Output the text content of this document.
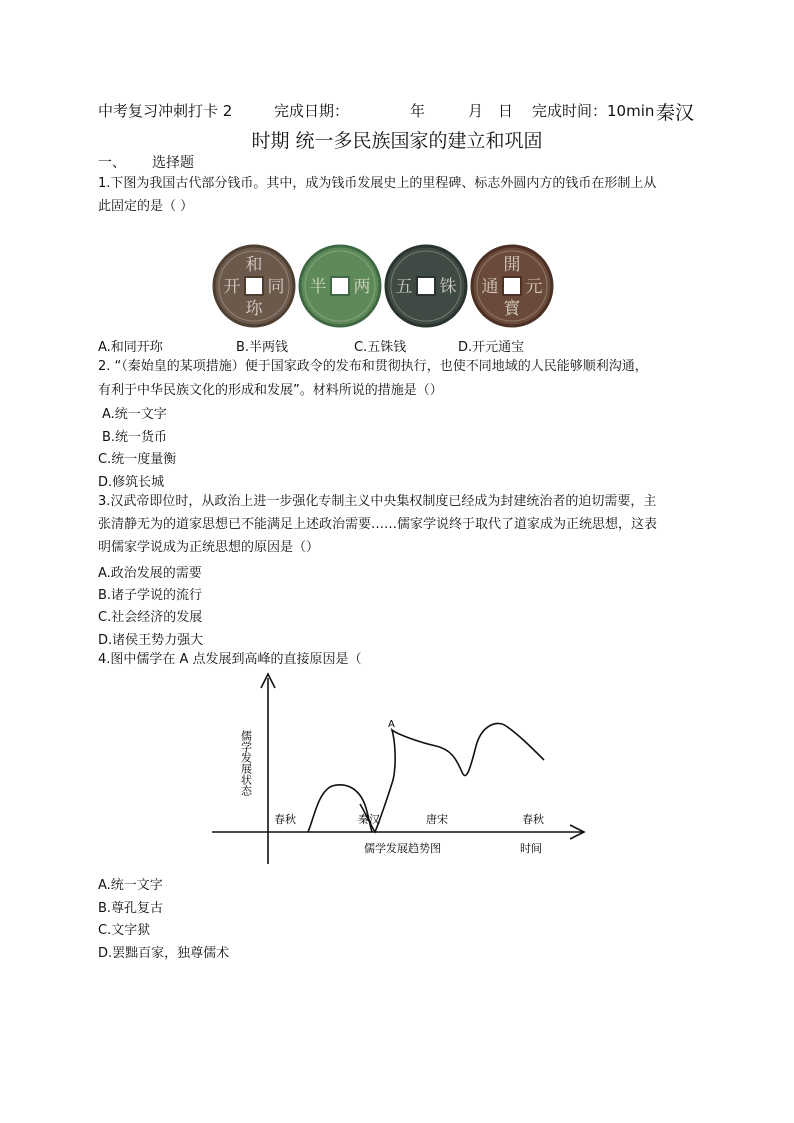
中考复习冲刺打卡 2	完成日期：	年	月 日 完成时间：10min 秦汉
时期 统一多民族国家的建立和巩固
一、 选择题
1.下图为我国古代部分钱币。其中，成为钱币发展史上的里程碑、标志外圆内方的钱币在形制上从
此固定的是（ ）
和
同
开
珎
半 两 五 铢
開
元
通
寳
A.和同开珎	B.半两钱	C.五铢钱	D.开元通宝
2. “（秦始皇的某项措施）便于国家政令的发布和贯彻执行，也使不同地域的人民能够顺利沟通，
有利于中华民族文化的形成和发展”。材料所说的措施是（）
A.统一文字
B.统一货币
C.统一度量衡
D.修筑长城
3.汉武帝即位时，从政治上进一步强化专制主义中央集权制度已经成为封建统治者的迫切需要，主
张清静无为的道家思想已不能满足上述政治需要……儒家学说终于取代了道家成为正统思想，这表
明儒家学说成为正统思想的原因是（）
A.政治发展的需要
B.诸子学说的流行
C.社会经济的发展
D.诸侯王势力强大
4.图中儒学在 A 点发展到高峰的直接原因是（
A
儒学发展状态
春秋	秦汉	唐宋	春秋
儒学发展趋势图	时间
A.统一文字
B.尊孔复古
C.文字狱
D.罢黜百家，独尊儒术
